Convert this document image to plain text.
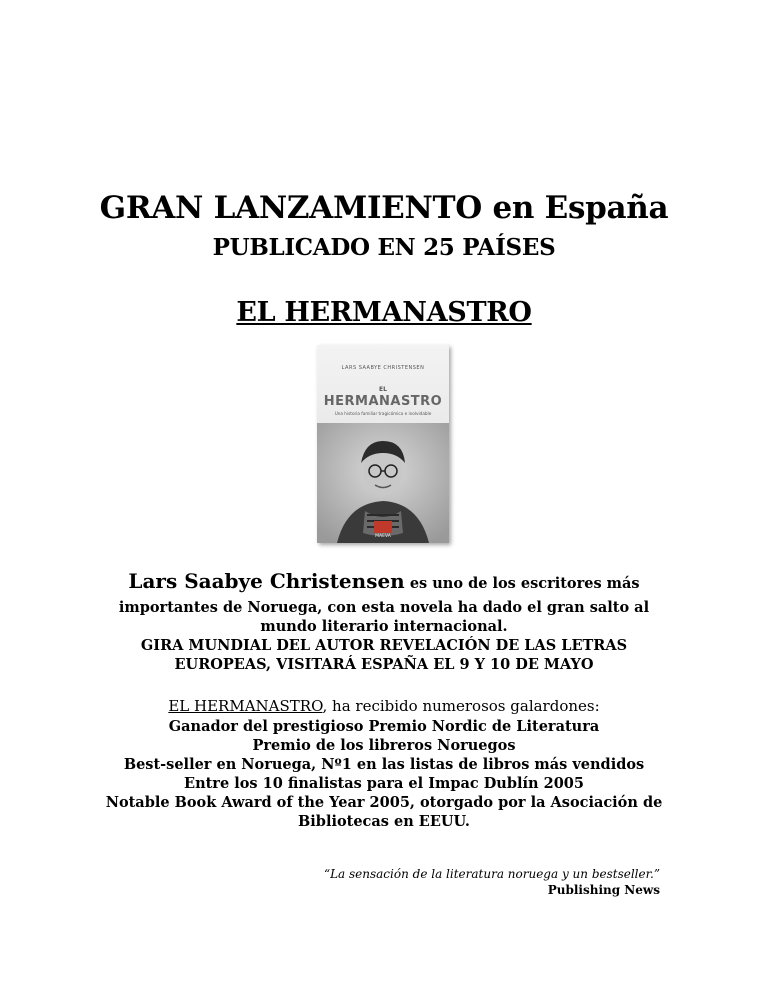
GRAN LANZAMIENTO en España
PUBLICADO EN 25 PAÍSES
EL HERMANASTRO
LARS SAABYE CHRISTENSEN
EL
HERMANASTRO
Una historia familiar tragicómica e inolvidable
MAEVA
Lars Saabye Christensen es uno de los escritores más
importantes de Noruega, con esta novela ha dado el gran salto al
mundo literario internacional.
GIRA MUNDIAL DEL AUTOR REVELACIÓN DE LAS LETRAS
EUROPEAS, VISITARÁ ESPAÑA EL 9 Y 10 DE MAYO
EL HERMANASTRO, ha recibido numerosos galardones:
Ganador del prestigioso Premio Nordic de Literatura
Premio de los libreros Noruegos
Best-seller en Noruega, Nº1 en las listas de libros más vendidos
Entre los 10 finalistas para el Impac Dublín 2005
Notable Book Award of the Year 2005, otorgado por la Asociación de
Bibliotecas en EEUU.
“La sensación de la literatura noruega y un bestseller.”
Publishing News
